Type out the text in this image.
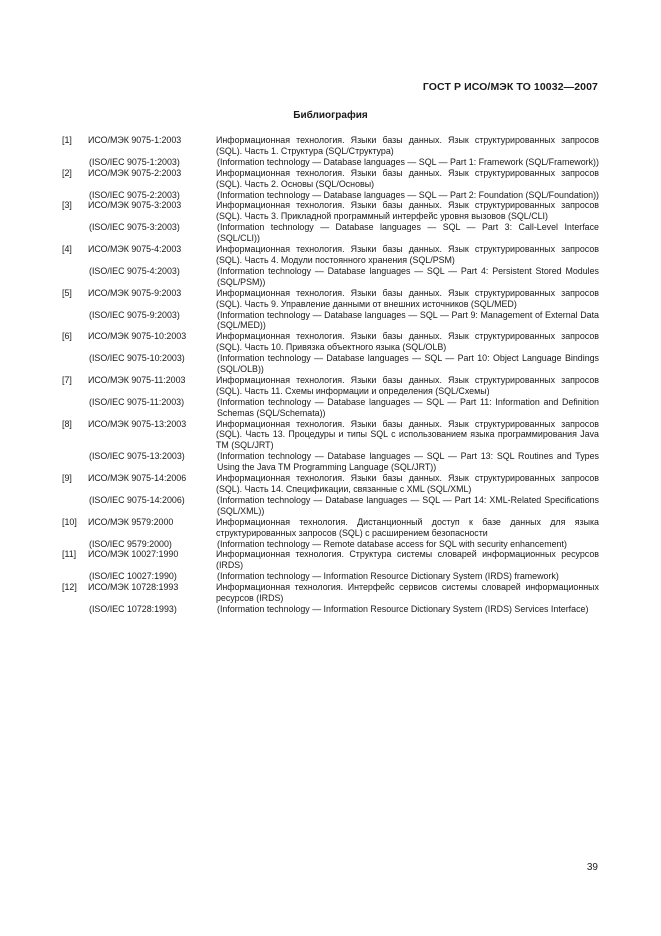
ГОСТ Р ИСО/МЭК ТО 10032—2007
Библиография
[1]	ИСО/МЭК 9075-1:2003	Информационная технология. Языки базы данных. Язык структурированных запросов (SQL). Часть 1. Структура (SQL/Структура)
(ISO/IEC 9075-1:2003)	(Information technology — Database languages — SQL — Part 1: Framework (SQL/Framework))
[2]	ИСО/МЭК 9075-2:2003	Информационная технология. Языки базы данных. Язык структурированных запросов (SQL). Часть 2. Основы (SQL/Основы)
(ISO/IEC 9075-2:2003)	(Information technology — Database languages — SQL — Part 2: Foundation (SQL/Foundation))
[3]	ИСО/МЭК 9075-3:2003	Информационная технология. Языки базы данных. Язык структурированных запросов (SQL). Часть 3. Прикладной программный интерфейс уровня вызовов (SQL/CLI)
(ISO/IEC 9075-3:2003)	(Information technology — Database languages — SQL — Part 3: Call-Level Interface (SQL/CLI))
[4]	ИСО/МЭК 9075-4:2003	Информационная технология. Языки базы данных. Язык структурированных запросов (SQL). Часть 4. Модули постоянного хранения (SQL/PSM)
(ISO/IEC 9075-4:2003)	(Information technology — Database languages — SQL — Part 4: Persistent Stored Modules (SQL/PSM))
[5]	ИСО/МЭК 9075-9:2003	Информационная технология. Языки базы данных. Язык структурированных запросов (SQL). Часть 9. Управление данными от внешних источников (SQL/MED)
(ISO/IEC 9075-9:2003)	(Information technology — Database languages — SQL — Part 9: Management of External Data (SQL/MED))
[6]	ИСО/МЭК 9075-10:2003	Информационная технология. Языки базы данных. Язык структурированных запросов (SQL). Часть 10. Привязка объектного языка (SQL/OLB)
(ISO/IEC 9075-10:2003)	(Information technology — Database languages — SQL — Part 10: Object Language Bindings (SQL/OLB))
[7]	ИСО/МЭК 9075-11:2003	Информационная технология. Языки базы данных. Язык структурированных запросов (SQL). Часть 11. Схемы информации и определения (SQL/Схемы)
(ISO/IEC 9075-11:2003)	(Information technology — Database languages — SQL — Part 11: Information and Definition Schemas (SQL/Schemata))
[8]	ИСО/МЭК 9075-13:2003	Информационная технология. Языки базы данных. Язык структурированных запросов (SQL). Часть 13. Процедуры и типы SQL с использованием языка программирования Java TM (SQL/JRT)
(ISO/IEC 9075-13:2003)	(Information technology — Database languages — SQL — Part 13: SQL Routines and Types Using the Java TM Programming Language (SQL/JRT))
[9]	ИСО/МЭК 9075-14:2006	Информационная технология. Языки базы данных. Язык структурированных запросов (SQL). Часть 14. Спецификации, связанные с XML (SQL/XML)
(ISO/IEC 9075-14:2006)	(Information technology — Database languages — SQL — Part 14: XML-Related Specifications (SQL/XML))
[10]	ИСО/МЭК 9579:2000	Информационная технология. Дистанционный доступ к базе данных для языка структурированных запросов (SQL) с расширением безопасности
(ISO/IEC 9579:2000)	(Information technology — Remote database access for SQL with security enhancement)
[11]	ИСО/МЭК 10027:1990	Информационная технология. Структура системы словарей информационных ресурсов (IRDS)
(ISO/IEC 10027:1990)	(Information technology — Information Resource Dictionary System (IRDS) framework)
[12]	ИСО/МЭК 10728:1993	Информационная технология. Интерфейс сервисов системы словарей информационных ресурсов (IRDS)
(ISO/IEC 10728:1993)	(Information technology — Information Resource Dictionary System (IRDS) Services Interface)
39
